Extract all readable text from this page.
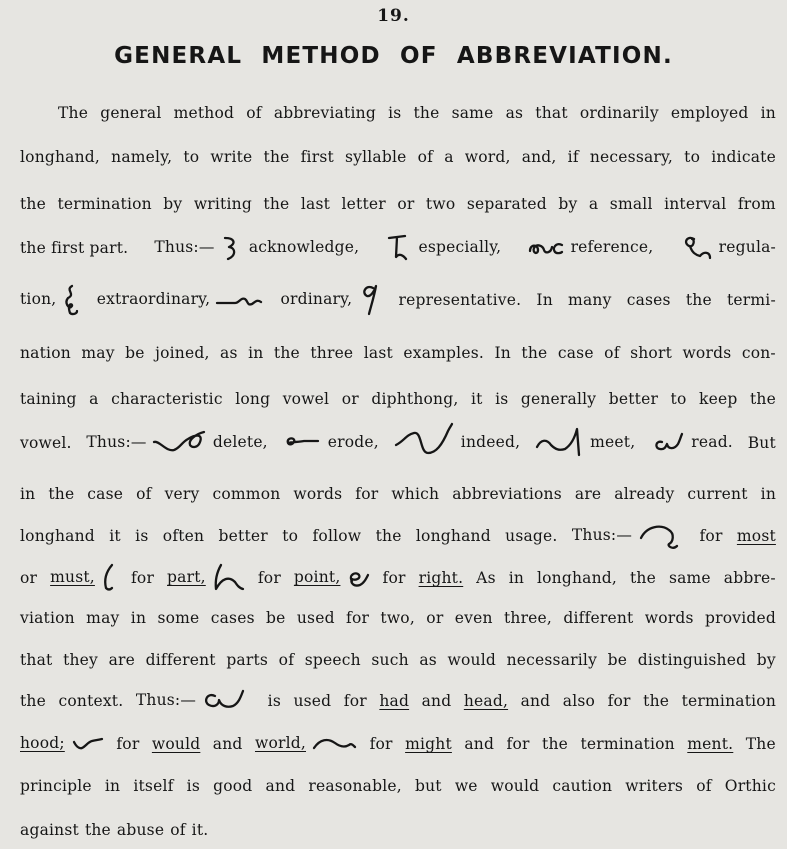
19.
GENERAL METHOD OF ABBREVIATION.
The general method of abbreviating is the same as that ordinarily employed in
longhand, namely, to write the first syllable of a word, and, if necessary, to indicate
the termination by writing the last letter or two separated by a small interval from
the first part. Thus:— acknowledge,	especially,	reference,	regula-
tion,	extraordinary,	ordinary,	representative. In many cases the termi-
nation may be joined, as in the three last examples. In the case of short words con-
taining a characteristic long vowel or diphthong, it is generally better to keep the
vowel. Thus:—	delete,	erode,	indeed,	meet,	read. But
in the case of very common words for which abbreviations are already current in
longhand it is often better to follow the longhand usage. Thus:—	for most
or must,	for part,	for point,	for right. As in longhand, the same abbre-
viation may in some cases be used for two, or even three, different words provided
that they are different parts of speech such as would necessarily be distinguished by
the context. Thus:—	is used for had and head, and also for the termination
hood;	for would and world,	for might and for the termination ment. The
principle in itself is good and reasonable, but we would caution writers of Orthic
against the abuse of it.
